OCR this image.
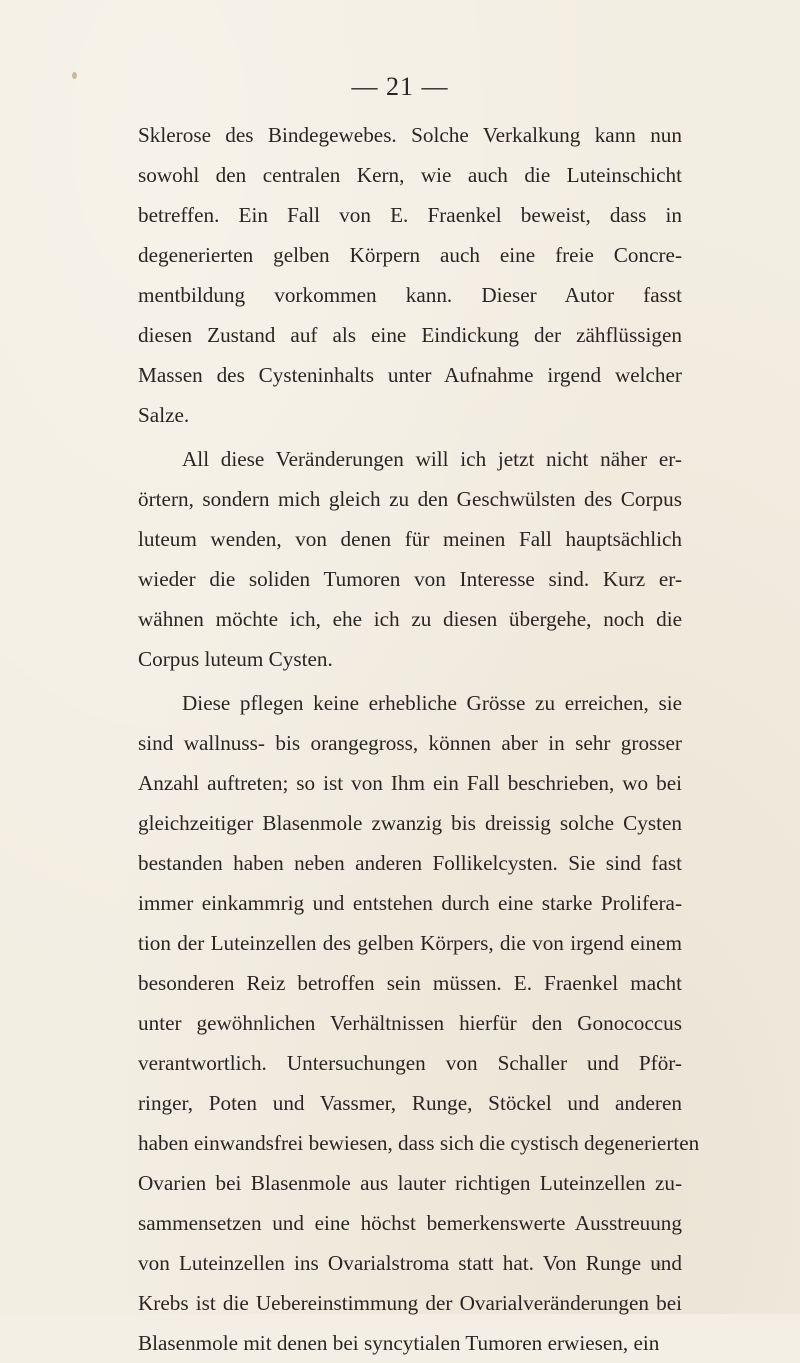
— 21 —
Sklerose des Bindegewebes. Solche Verkalkung kann nun
sowohl den centralen Kern, wie auch die Luteinschicht
betreffen. Ein Fall von E. Fraenkel beweist, dass in
degenerierten gelben Körpern auch eine freie Concre-
mentbildung vorkommen kann. Dieser Autor fasst
diesen Zustand auf als eine Eindickung der zähflüssigen
Massen des Cysteninhalts unter Aufnahme irgend welcher
Salze.
All diese Veränderungen will ich jetzt nicht näher er-
örtern, sondern mich gleich zu den Geschwülsten des Corpus
luteum wenden, von denen für meinen Fall hauptsächlich
wieder die soliden Tumoren von Interesse sind. Kurz er-
wähnen möchte ich, ehe ich zu diesen übergehe, noch die
Corpus luteum Cysten.
Diese pflegen keine erhebliche Grösse zu erreichen, sie
sind wallnuss- bis orangegross, können aber in sehr grosser
Anzahl auftreten; so ist von Ihm ein Fall beschrieben, wo bei
gleichzeitiger Blasenmole zwanzig bis dreissig solche Cysten
bestanden haben neben anderen Follikelcysten. Sie sind fast
immer einkammrig und entstehen durch eine starke Prolifera-
tion der Luteinzellen des gelben Körpers, die von irgend einem
besonderen Reiz betroffen sein müssen. E. Fraenkel macht
unter gewöhnlichen Verhältnissen hierfür den Gonococcus
verantwortlich. Untersuchungen von Schaller und Pför-
ringer, Poten und Vassmer, Runge, Stöckel und anderen
haben einwandsfrei bewiesen, dass sich die cystisch degenerierten
Ovarien bei Blasenmole aus lauter richtigen Luteinzellen zu-
sammensetzen und eine höchst bemerkenswerte Ausstreuung
von Luteinzellen ins Ovarialstroma statt hat. Von Runge und
Krebs ist die Uebereinstimmung der Ovarialveränderungen bei
Blasenmole mit denen bei syncytialen Tumoren erwiesen, ein
